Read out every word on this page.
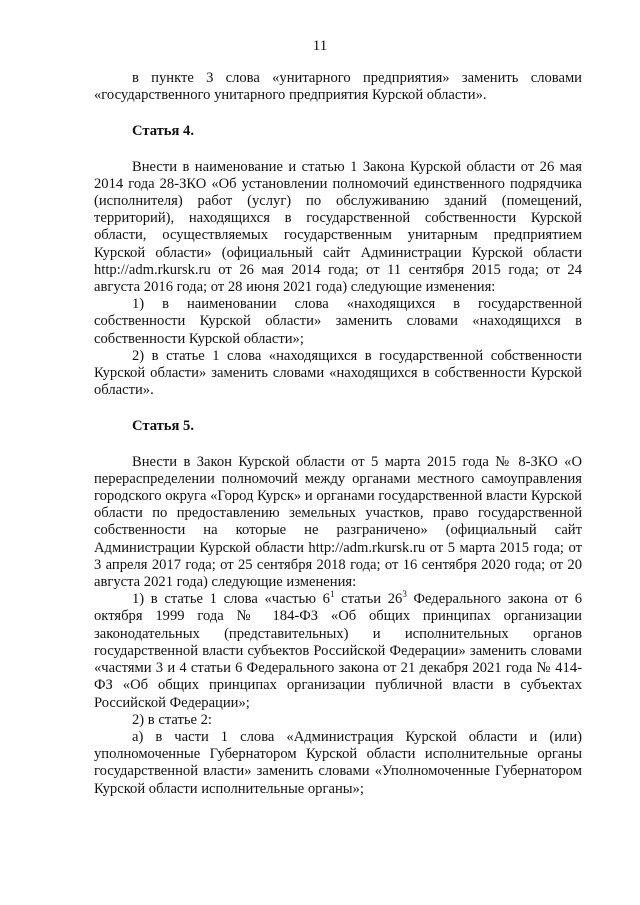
11

в пункте 3 слова «унитарного предприятия» заменить словами «государственного унитарного предприятия Курской области».

Статья 4.

Внести в наименование и статью 1 Закона Курской области от 26 мая 2014 года 28-ЗКО «Об установлении полномочий единственного подрядчика (исполнителя) работ (услуг) по обслуживанию зданий (помещений, территорий), находящихся в государственной собственности Курской области, осуществляемых государственным унитарным предприятием Курской области» (официальный сайт Администрации Курской области http://adm.rkursk.ru от 26 мая 2014 года; от 11 сентября 2015 года; от 24 августа 2016 года; от 28 июня 2021 года) следующие изменения:

1) в наименовании слова «находящихся в государственной собственности Курской области» заменить словами «находящихся в собственности Курской области»;

2) в статье 1 слова «находящихся в государственной собственности Курской области» заменить словами «находящихся в собственности Курской области».

Статья 5.

Внести в Закон Курской области от 5 марта 2015 года № 8-ЗКО «О перераспределении полномочий между органами местного самоуправления городского округа «Город Курск» и органами государственной власти Курской области по предоставлению земельных участков, право государственной собственности на которые не разграничено» (официальный сайт Администрации Курской области http://adm.rkursk.ru от 5 марта 2015 года; от 3 апреля 2017 года; от 25 сентября 2018 года; от 16 сентября 2020 года; от 20 августа 2021 года) следующие изменения:

1) в статье 1 слова «частью $6^1$ статьи $26^3$ Федерального закона от 6 октября 1999 года № 184-ФЗ «Об общих принципах организации законодательных (представительных) и исполнительных органов государственной власти субъектов Российской Федерации» заменить словами «частями 3 и 4 статьи 6 Федерального закона от 21 декабря 2021 года № 414-ФЗ «Об общих принципах организации публичной власти в субъектах Российской Федерации»;

2) в статье 2:

а) в части 1 слова «Администрация Курской области и (или) уполномоченные Губернатором Курской области исполнительные органы государственной власти» заменить словами «Уполномоченные Губернатором Курской области исполнительные органы»;
